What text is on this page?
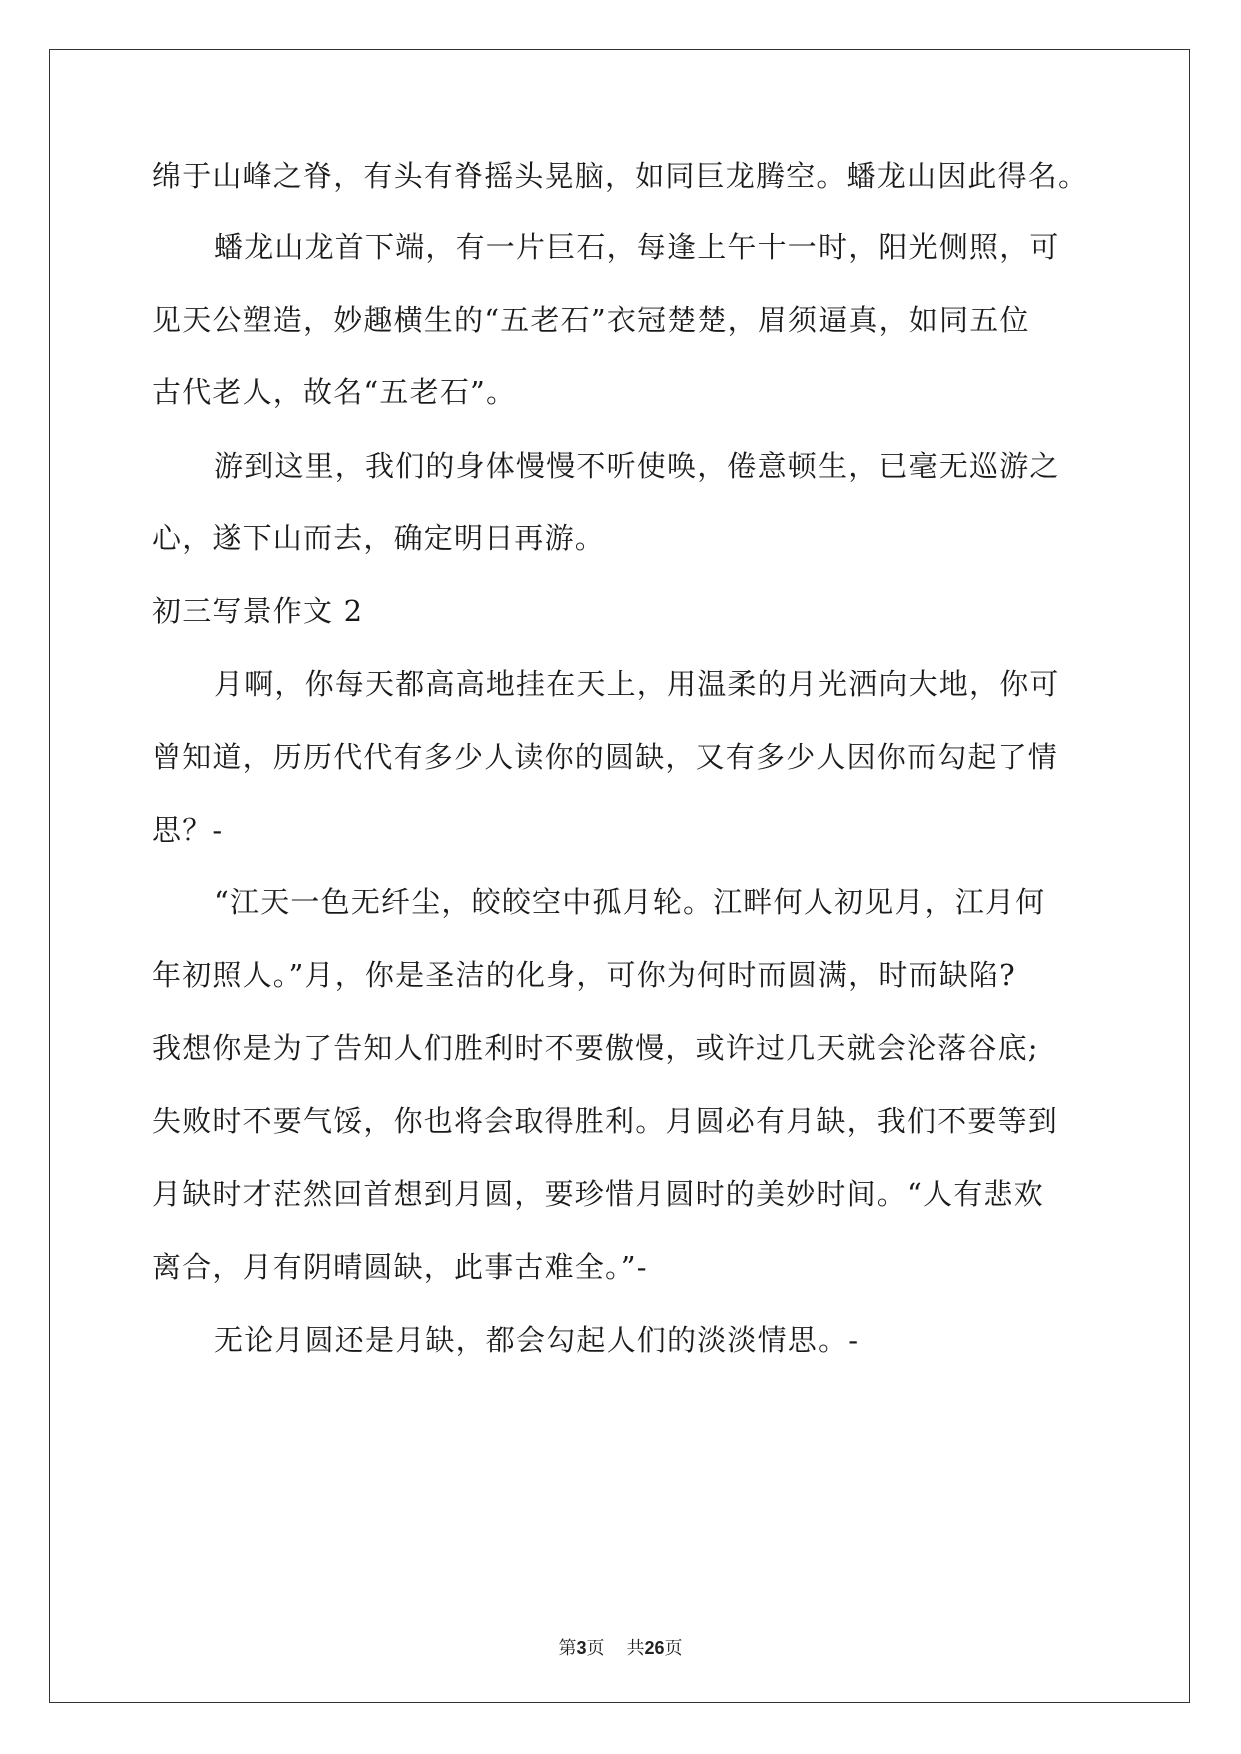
绵于山峰之脊，有头有脊摇头晃脑，如同巨龙腾空。蟠龙山因此得名。

蟠龙山龙首下端，有一片巨石，每逢上午十一时，阳光侧照，可

见天公塑造，妙趣横生的“五老石”衣冠楚楚，眉须逼真，如同五位

古代老人，故名“五老石”。

游到这里，我们的身体慢慢不听使唤，倦意顿生，已毫无巡游之

心，遂下山而去，确定明日再游。

初三写景作文 2

月啊，你每天都高高地挂在天上，用温柔的月光洒向大地，你可

曾知道，历历代代有多少人读你的圆缺，又有多少人因你而勾起了情

思？-

“江天一色无纤尘，皎皎空中孤月轮。江畔何人初见月，江月何

年初照人。”月，你是圣洁的化身，可你为何时而圆满，时而缺陷?

我想你是为了告知人们胜利时不要傲慢，或许过几天就会沦落谷底;

失败时不要气馁，你也将会取得胜利。月圆必有月缺，我们不要等到

月缺时才茫然回首想到月圆，要珍惜月圆时的美妙时间。“人有悲欢

离合，月有阴晴圆缺，此事古难全。”-

无论月圆还是月缺，都会勾起人们的淡淡情思。-

第3页 共26页
